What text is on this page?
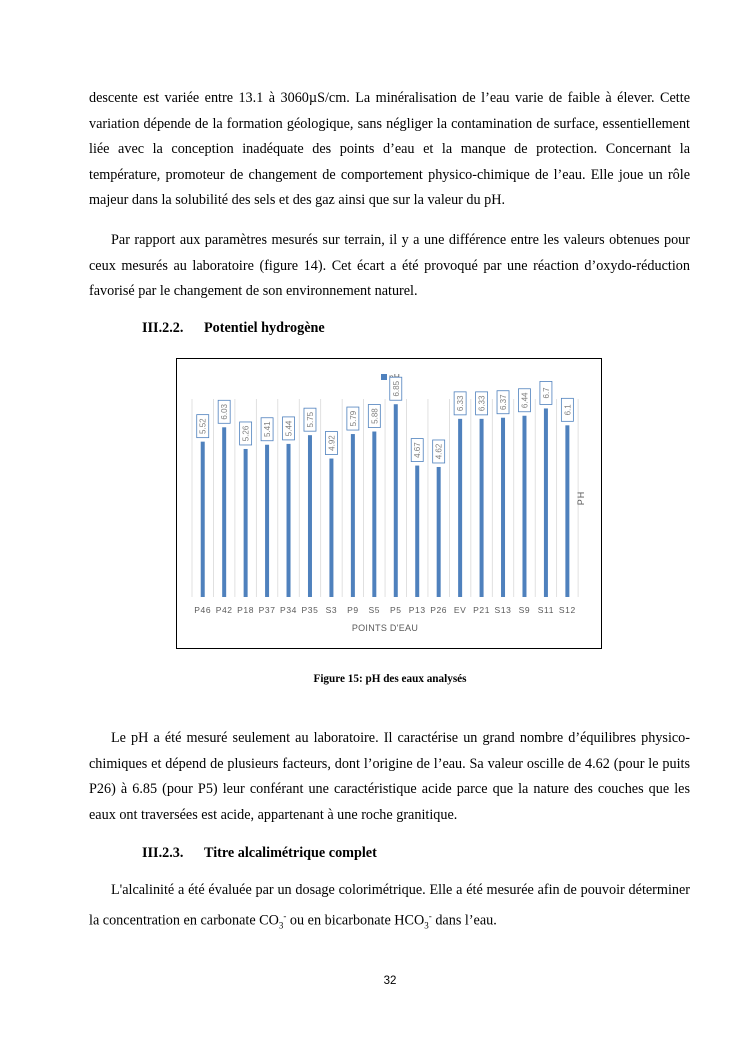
descente est variée entre 13.1 à 3060µS/cm. La minéralisation de l’eau varie de faible à élever. Cette variation dépende de la formation géologique, sans négliger la contamination de surface, essentiellement liée avec la conception inadéquate des points d’eau et la manque de protection. Concernant la température, promoteur de changement de comportement physico-chimique de l’eau. Elle joue un rôle majeur dans la solubilité des sels et des gaz ainsi que sur la valeur du pH.

Par rapport aux paramètres mesurés sur terrain, il y a une différence entre les valeurs obtenues pour ceux mesurés au laboratoire (figure 14). Cet écart a été provoqué par une réaction d’oxydo-réduction favorisé par le changement de son environnement naturel.

III.2.2. Potentiel hydrogène
5.52
P46
6.03
P42
5.26
P18
5.41
P37
5.44
P34
5.75
P35
4.92
S3
5.79
P9
5.88
S5
6.85
P5
4.67
P13
4.62
P26
6.33
EV
6.33
P21
6.37
S13
6.44
S9
6.7
S11
6.1
S12
POINTS D'EAU
PH
Figure 15: pH des eaux analysés

Le pH a été mesuré seulement au laboratoire. Il caractérise un grand nombre d’équilibres physico-chimiques et dépend de plusieurs facteurs, dont l’origine de l’eau. Sa valeur oscille de 4.62 (pour le puits P26) à 6.85 (pour P5) leur conférant une caractéristique acide parce que la nature des couches que les eaux ont traversées est acide, appartenant à une roche granitique.

III.2.3. Titre alcalimétrique complet

L'alcalinité a été évaluée par un dosage colorimétrique. Elle a été mesurée afin de pouvoir déterminer la concentration en carbonate $CO_3^-$ ou en bicarbonate $HCO_3^-$ dans l’eau.

32
